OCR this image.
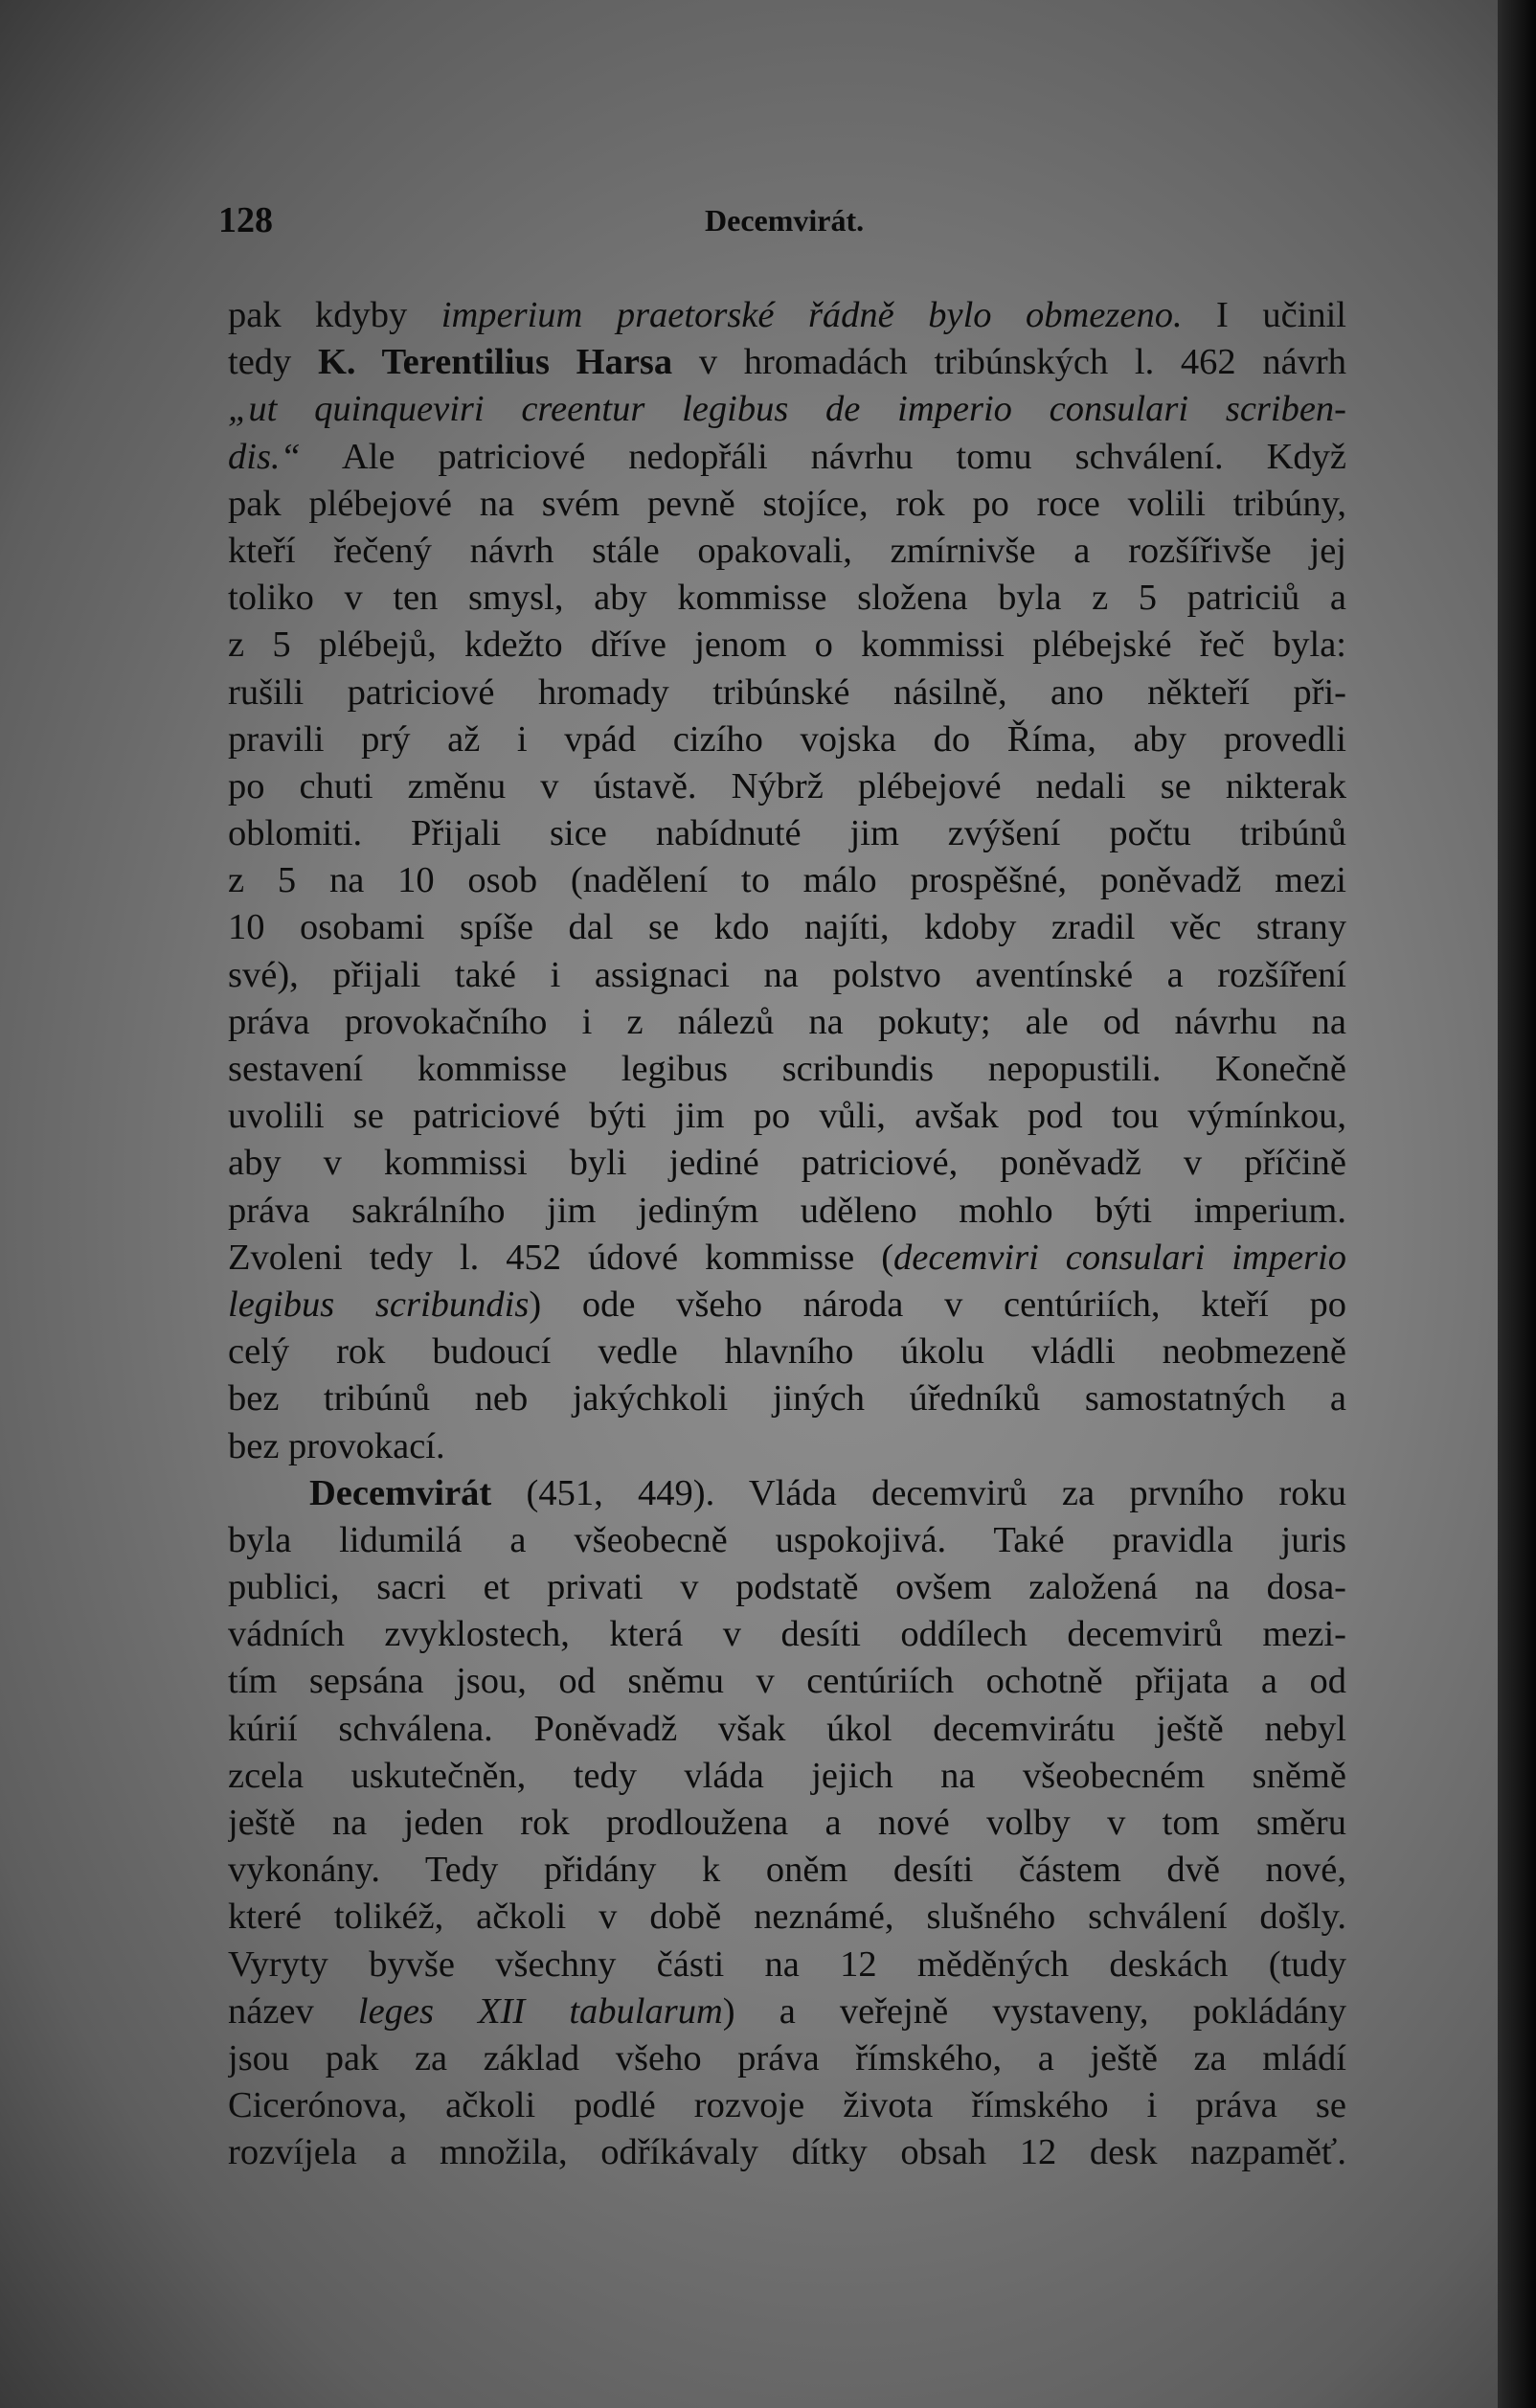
128	Decemvirát.
pak kdyby imperium praetorské řádně bylo obmezeno. I učinil
tedy K. Terentilius Harsa v hromadách tribúnských l. 462 návrh
„ut quinqueviri creentur legibus de imperio consulari scriben-
dis.“ Ale patriciové nedopřáli návrhu tomu schválení. Když
pak plébejové na svém pevně stojíce, rok po roce volili tribúny,
kteří řečený návrh stále opakovali, zmírnivše a rozšířivše jej
toliko v ten smysl, aby kommisse složena byla z 5 patriciů a
z 5 plébejů, kdežto dříve jenom o kommissi plébejské řeč byla:
rušili patriciové hromady tribúnské násilně, ano někteří při-
pravili prý až i vpád cizího vojska do Říma, aby provedli
po chuti změnu v ústavě. Nýbrž plébejové nedali se nikterak
oblomiti. Přijali sice nabídnuté jim zvýšení počtu tribúnů
z 5 na 10 osob (nadělení to málo prospěšné, poněvadž mezi
10 osobami spíše dal se kdo najíti, kdoby zradil věc strany
své), přijali také i assignaci na polstvo aventínské a rozšíření
práva provokačního i z nálezů na pokuty; ale od návrhu na
sestavení kommisse legibus scribundis nepopustili. Konečně
uvolili se patriciové býti jim po vůli, avšak pod tou výmínkou,
aby v kommissi byli jediné patriciové, poněvadž v příčině
práva sakrálního jim jediným uděleno mohlo býti imperium.
Zvoleni tedy l. 452 údové kommisse (decemviri consulari imperio
legibus scribundis) ode všeho národa v centúriích, kteří po
celý rok budoucí vedle hlavního úkolu vládli neobmezeně
bez tribúnů neb jakýchkoli jiných úředníků samostatných a
bez provokací.
Decemvirát (451, 449). Vláda decemvirů za prvního roku
byla lidumilá a všeobecně uspokojivá. Také pravidla juris
publici, sacri et privati v podstatě ovšem založená na dosa-
vádních zvyklostech, která v desíti oddílech decemvirů mezi-
tím sepsána jsou, od sněmu v centúriích ochotně přijata a od
kúrií schválena. Poněvadž však úkol decemvirátu ještě nebyl
zcela uskutečněn, tedy vláda jejich na všeobecném sněmě
ještě na jeden rok prodloužena a nové volby v tom směru
vykonány. Tedy přidány k oněm desíti částem dvě nové,
které tolikéž, ačkoli v době neznámé, slušného schválení došly.
Vyryty byvše všechny části na 12 měděných deskách (tudy
název leges XII tabularum) a veřejně vystaveny, pokládány
jsou pak za základ všeho práva římského, a ještě za mládí
Cicerónova, ačkoli podlé rozvoje života římského i práva se
rozvíjela a množila, odříkávaly dítky obsah 12 desk nazpaměť.
